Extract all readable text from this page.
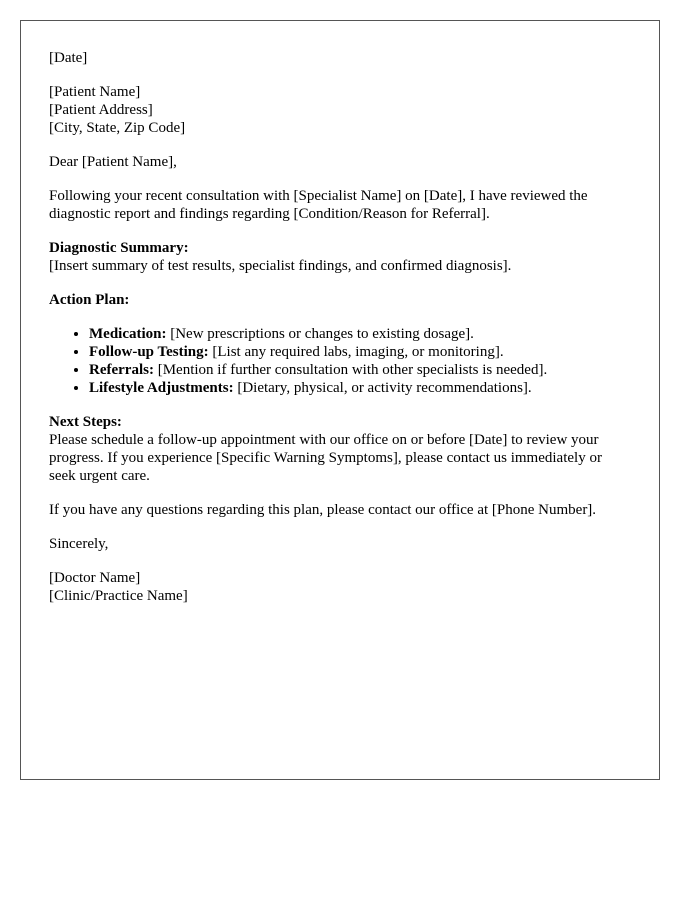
[Date]
[Patient Name]
[Patient Address]
[City, State, Zip Code]
Dear [Patient Name],
Following your recent consultation with [Specialist Name] on [Date], I have reviewed the diagnostic report and findings regarding [Condition/Reason for Referral].
Diagnostic Summary:
[Insert summary of test results, specialist findings, and confirmed diagnosis].
Action Plan:
• Medication: [New prescriptions or changes to existing dosage].
• Follow-up Testing: [List any required labs, imaging, or monitoring].
• Referrals: [Mention if further consultation with other specialists is needed].
• Lifestyle Adjustments: [Dietary, physical, or activity recommendations].
Next Steps:
Please schedule a follow-up appointment with our office on or before [Date] to review your progress. If you experience [Specific Warning Symptoms], please contact us immediately or seek urgent care.
If you have any questions regarding this plan, please contact our office at [Phone Number].
Sincerely,
[Doctor Name]
[Clinic/Practice Name]
